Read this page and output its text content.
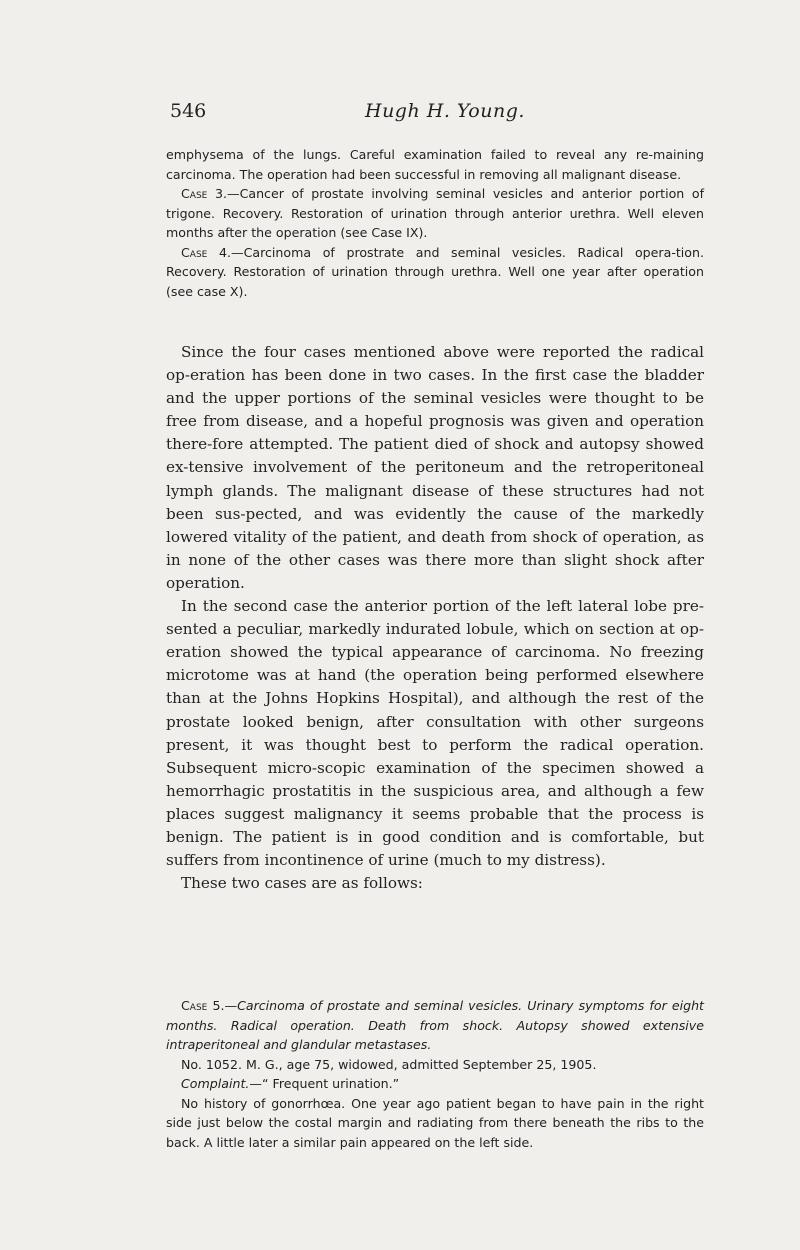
546	Hugh H. Young.

emphysema of the lungs. Careful examination failed to reveal any re-maining carcinoma. The operation had been successful in removing all malignant disease.

Case 3.—Cancer of prostate involving seminal vesicles and anterior portion of trigone. Recovery. Restoration of urination through anterior urethra. Well eleven months after the operation (see Case IX).

Case 4.—Carcinoma of prostrate and seminal vesicles. Radical opera-tion. Recovery. Restoration of urination through urethra. Well one year after operation (see case X).

Since the four cases mentioned above were reported the radical op-eration has been done in two cases. In the first case the bladder and the upper portions of the seminal vesicles were thought to be free from disease, and a hopeful prognosis was given and operation there-fore attempted. The patient died of shock and autopsy showed ex-tensive involvement of the peritoneum and the retroperitoneal lymph glands. The malignant disease of these structures had not been sus-pected, and was evidently the cause of the markedly lowered vitality of the patient, and death from shock of operation, as in none of the other cases was there more than slight shock after operation.

In the second case the anterior portion of the left lateral lobe pre-sented a peculiar, markedly indurated lobule, which on section at op-eration showed the typical appearance of carcinoma. No freezing microtome was at hand (the operation being performed elsewhere than at the Johns Hopkins Hospital), and although the rest of the prostate looked benign, after consultation with other surgeons present, it was thought best to perform the radical operation. Subsequent micro-scopic examination of the specimen showed a hemorrhagic prostatitis in the suspicious area, and although a few places suggest malignancy it seems probable that the process is benign. The patient is in good condition and is comfortable, but suffers from incontinence of urine (much to my distress).

These two cases are as follows:

Case 5.—Carcinoma of prostate and seminal vesicles. Urinary symptoms for eight months. Radical operation. Death from shock. Autopsy showed extensive intraperitoneal and glandular metastases.

No. 1052. M. G., age 75, widowed, admitted September 25, 1905.

Complaint.—“ Frequent urination.”

No history of gonorrhœa. One year ago patient began to have pain in the right side just below the costal margin and radiating from there beneath the ribs to the back. A little later a similar pain appeared on the left side.
